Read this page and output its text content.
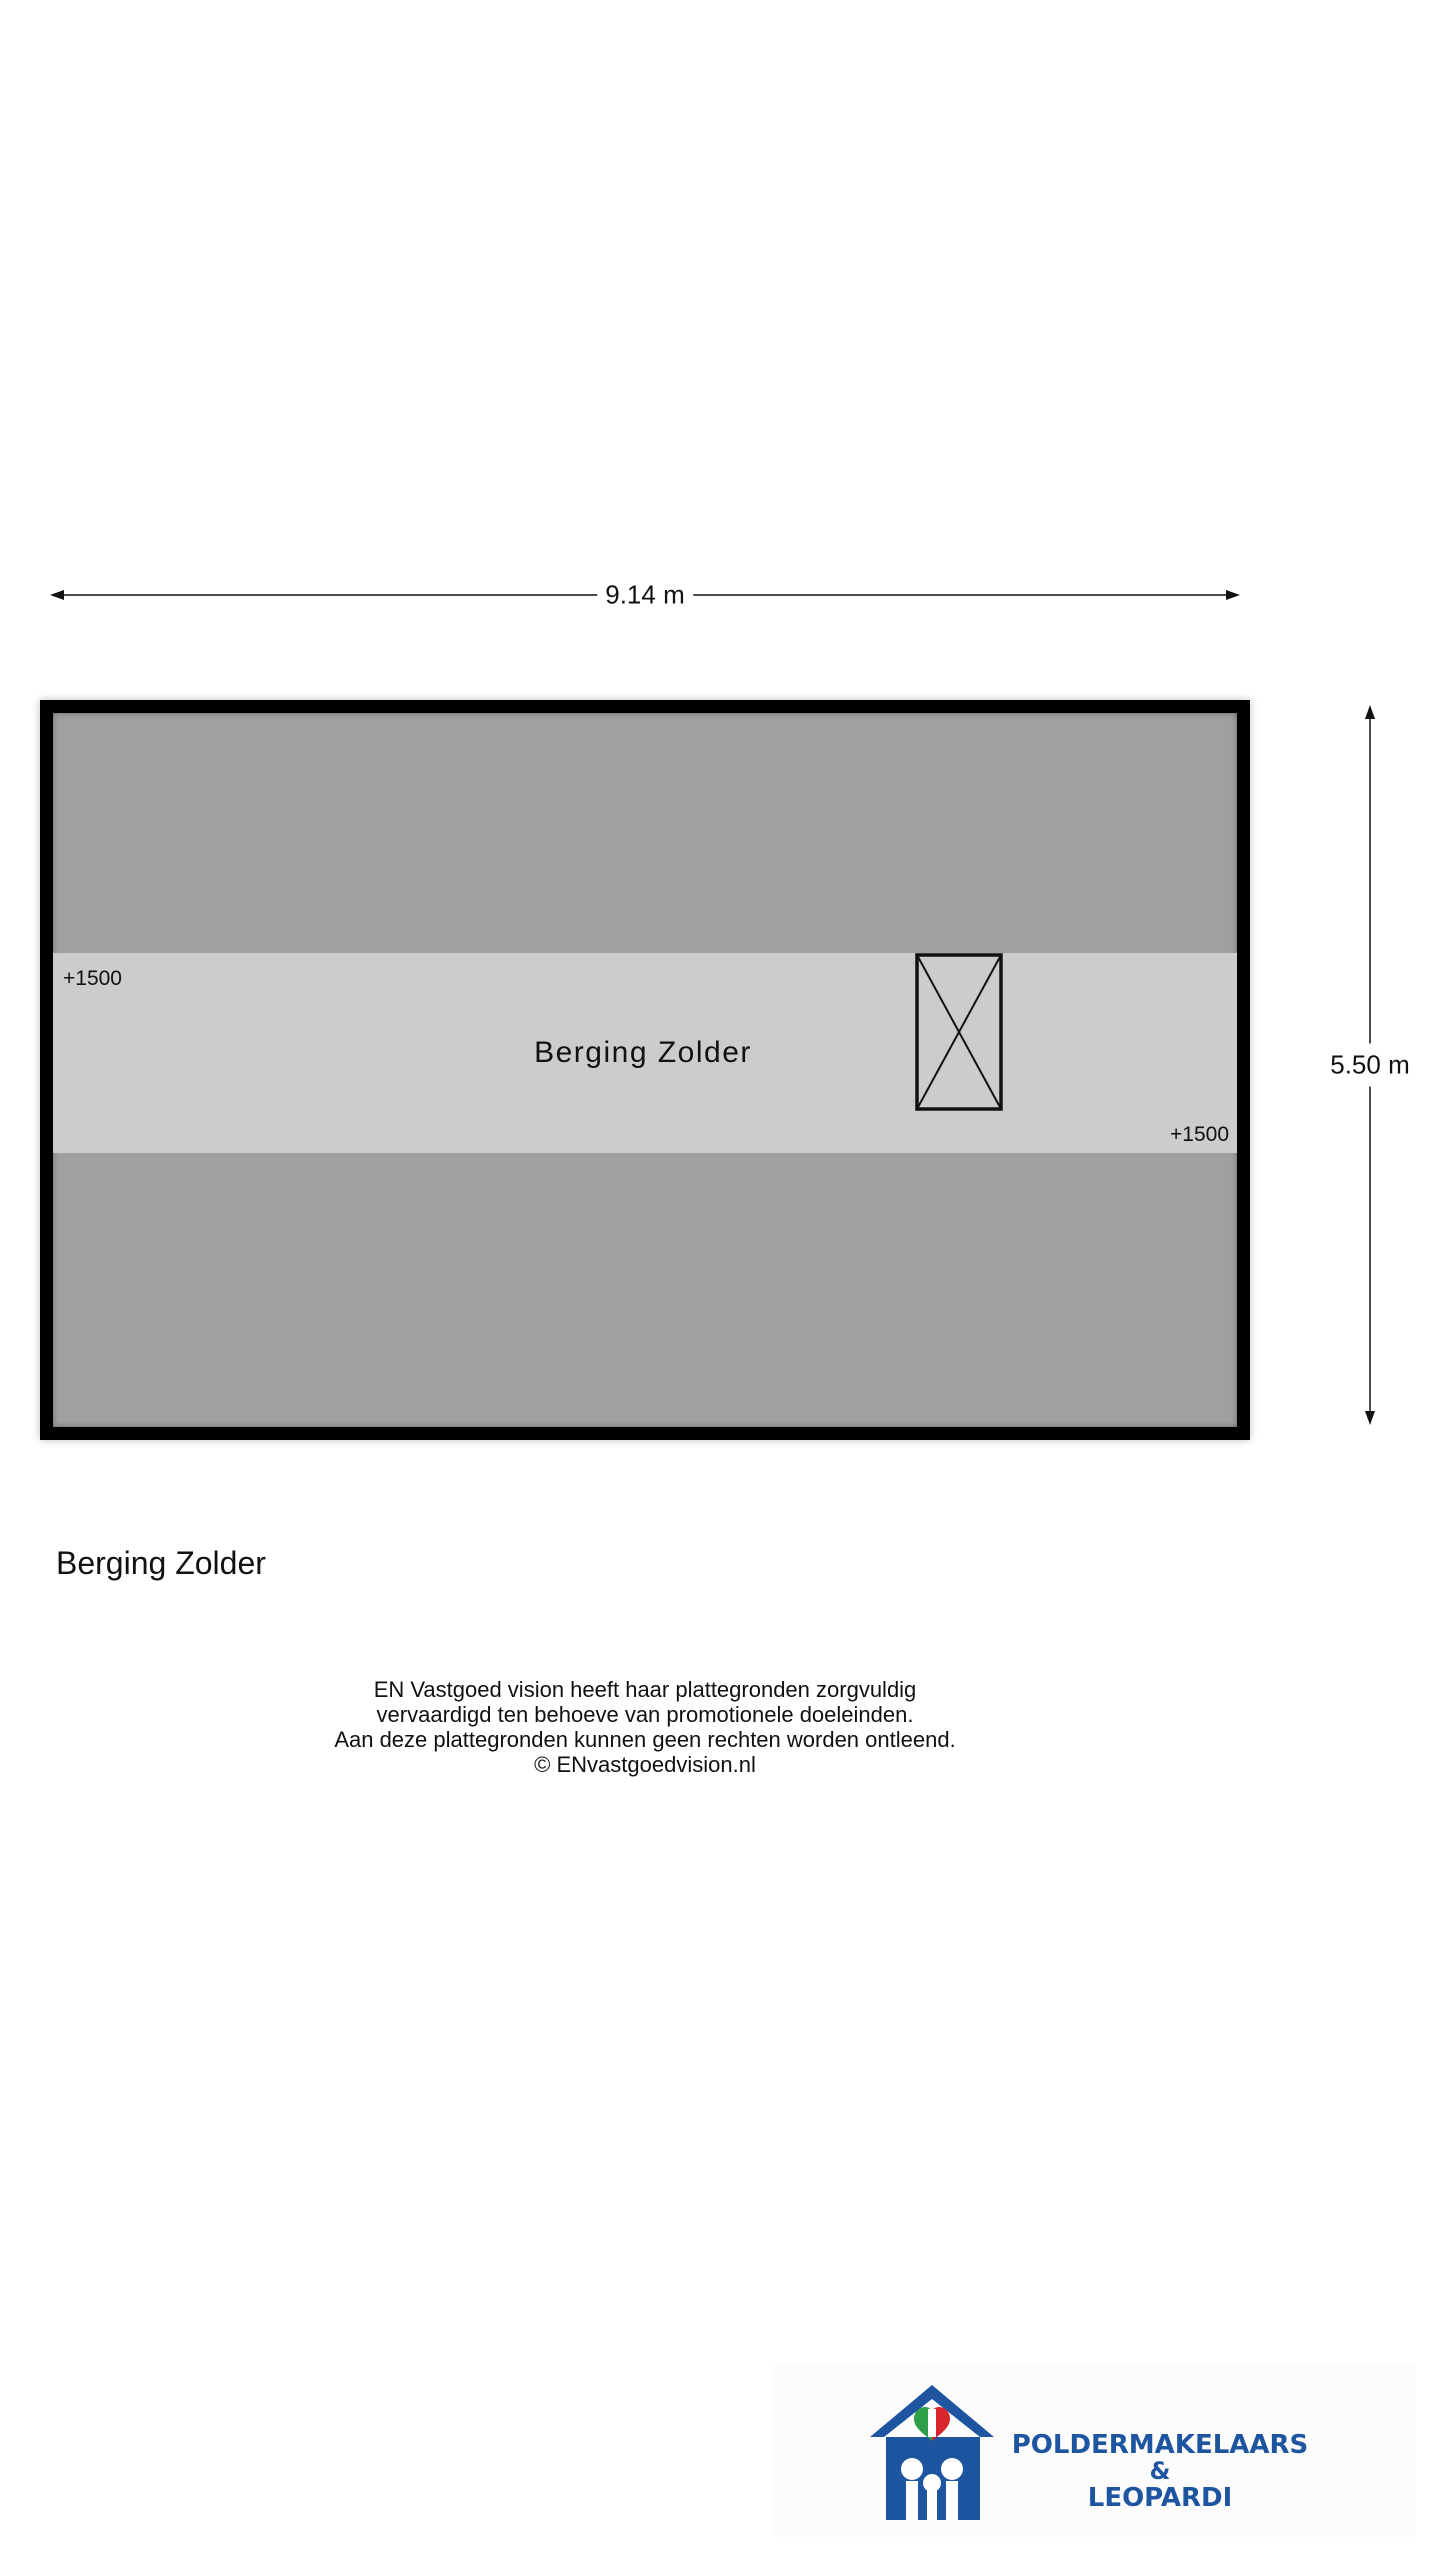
9.14 m
5.50 m
+1500
Berging Zolder
+1500
Berging Zolder
EN Vastgoed vision heeft haar plattegronden zorgvuldig
vervaardigd ten behoeve van promotionele doeleinden.
Aan deze plattegronden kunnen geen rechten worden ontleend.
© ENvastgoedvision.nl
POLDERMAKELAARS
&
LEOPARDI
